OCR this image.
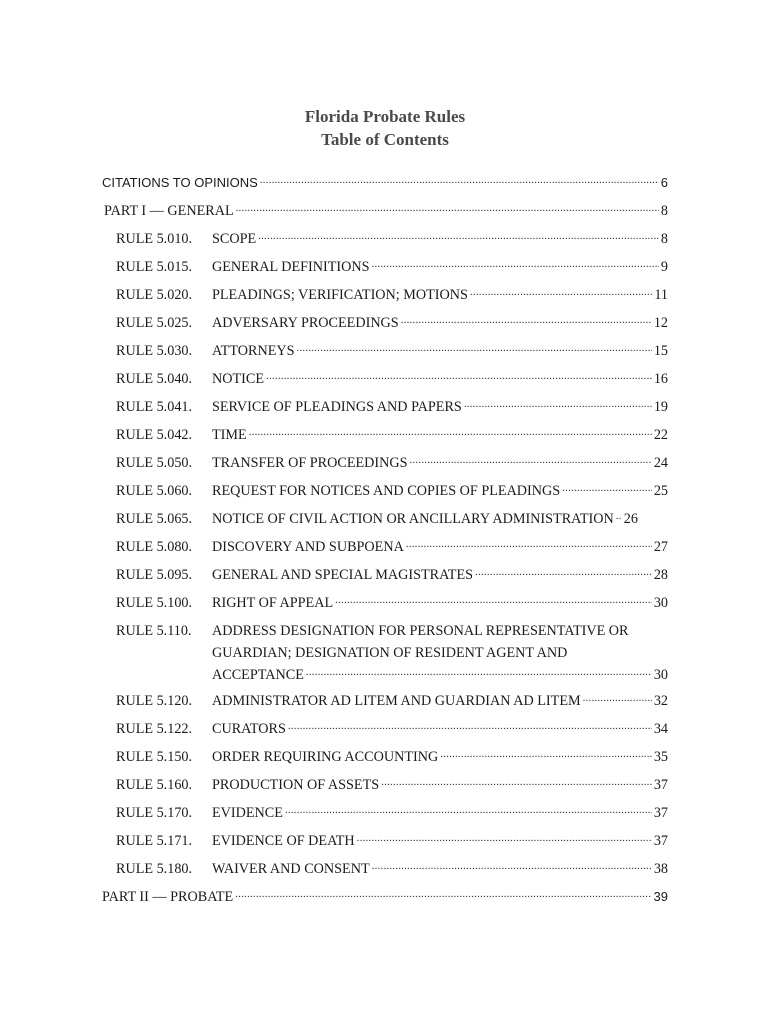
Florida Probate Rules
Table of Contents
CITATIONS TO OPINIONS .....	6
PART I — GENERAL .....	8
RULE 5.010.	SCOPE .....	8
RULE 5.015.	GENERAL DEFINITIONS .....	9
RULE 5.020.	PLEADINGS; VERIFICATION; MOTIONS .....	11
RULE 5.025.	ADVERSARY PROCEEDINGS .....	12
RULE 5.030.	ATTORNEYS .....	15
RULE 5.040.	NOTICE .....	16
RULE 5.041.	SERVICE OF PLEADINGS AND PAPERS .....	19
RULE 5.042.	TIME .....	22
RULE 5.050.	TRANSFER OF PROCEEDINGS .....	24
RULE 5.060.	REQUEST FOR NOTICES AND COPIES OF PLEADINGS .....	25
RULE 5.065.	NOTICE OF CIVIL ACTION OR ANCILLARY ADMINISTRATION ..... 26
RULE 5.080.	DISCOVERY AND SUBPOENA .....	27
RULE 5.095.	GENERAL AND SPECIAL MAGISTRATES .....	28
RULE 5.100.	RIGHT OF APPEAL .....	30
RULE 5.110.	ADDRESS DESIGNATION FOR PERSONAL REPRESENTATIVE OR
GUARDIAN; DESIGNATION OF RESIDENT AGENT AND
ACCEPTANCE .....	30
RULE 5.120.	ADMINISTRATOR AD LITEM AND GUARDIAN AD LITEM .....	32
RULE 5.122.	CURATORS .....	34
RULE 5.150.	ORDER REQUIRING ACCOUNTING .....	35
RULE 5.160.	PRODUCTION OF ASSETS .....	37
RULE 5.170.	EVIDENCE .....	37
RULE 5.171.	EVIDENCE OF DEATH .....	37
RULE 5.180.	WAIVER AND CONSENT .....	38
PART II — PROBATE .....	39
